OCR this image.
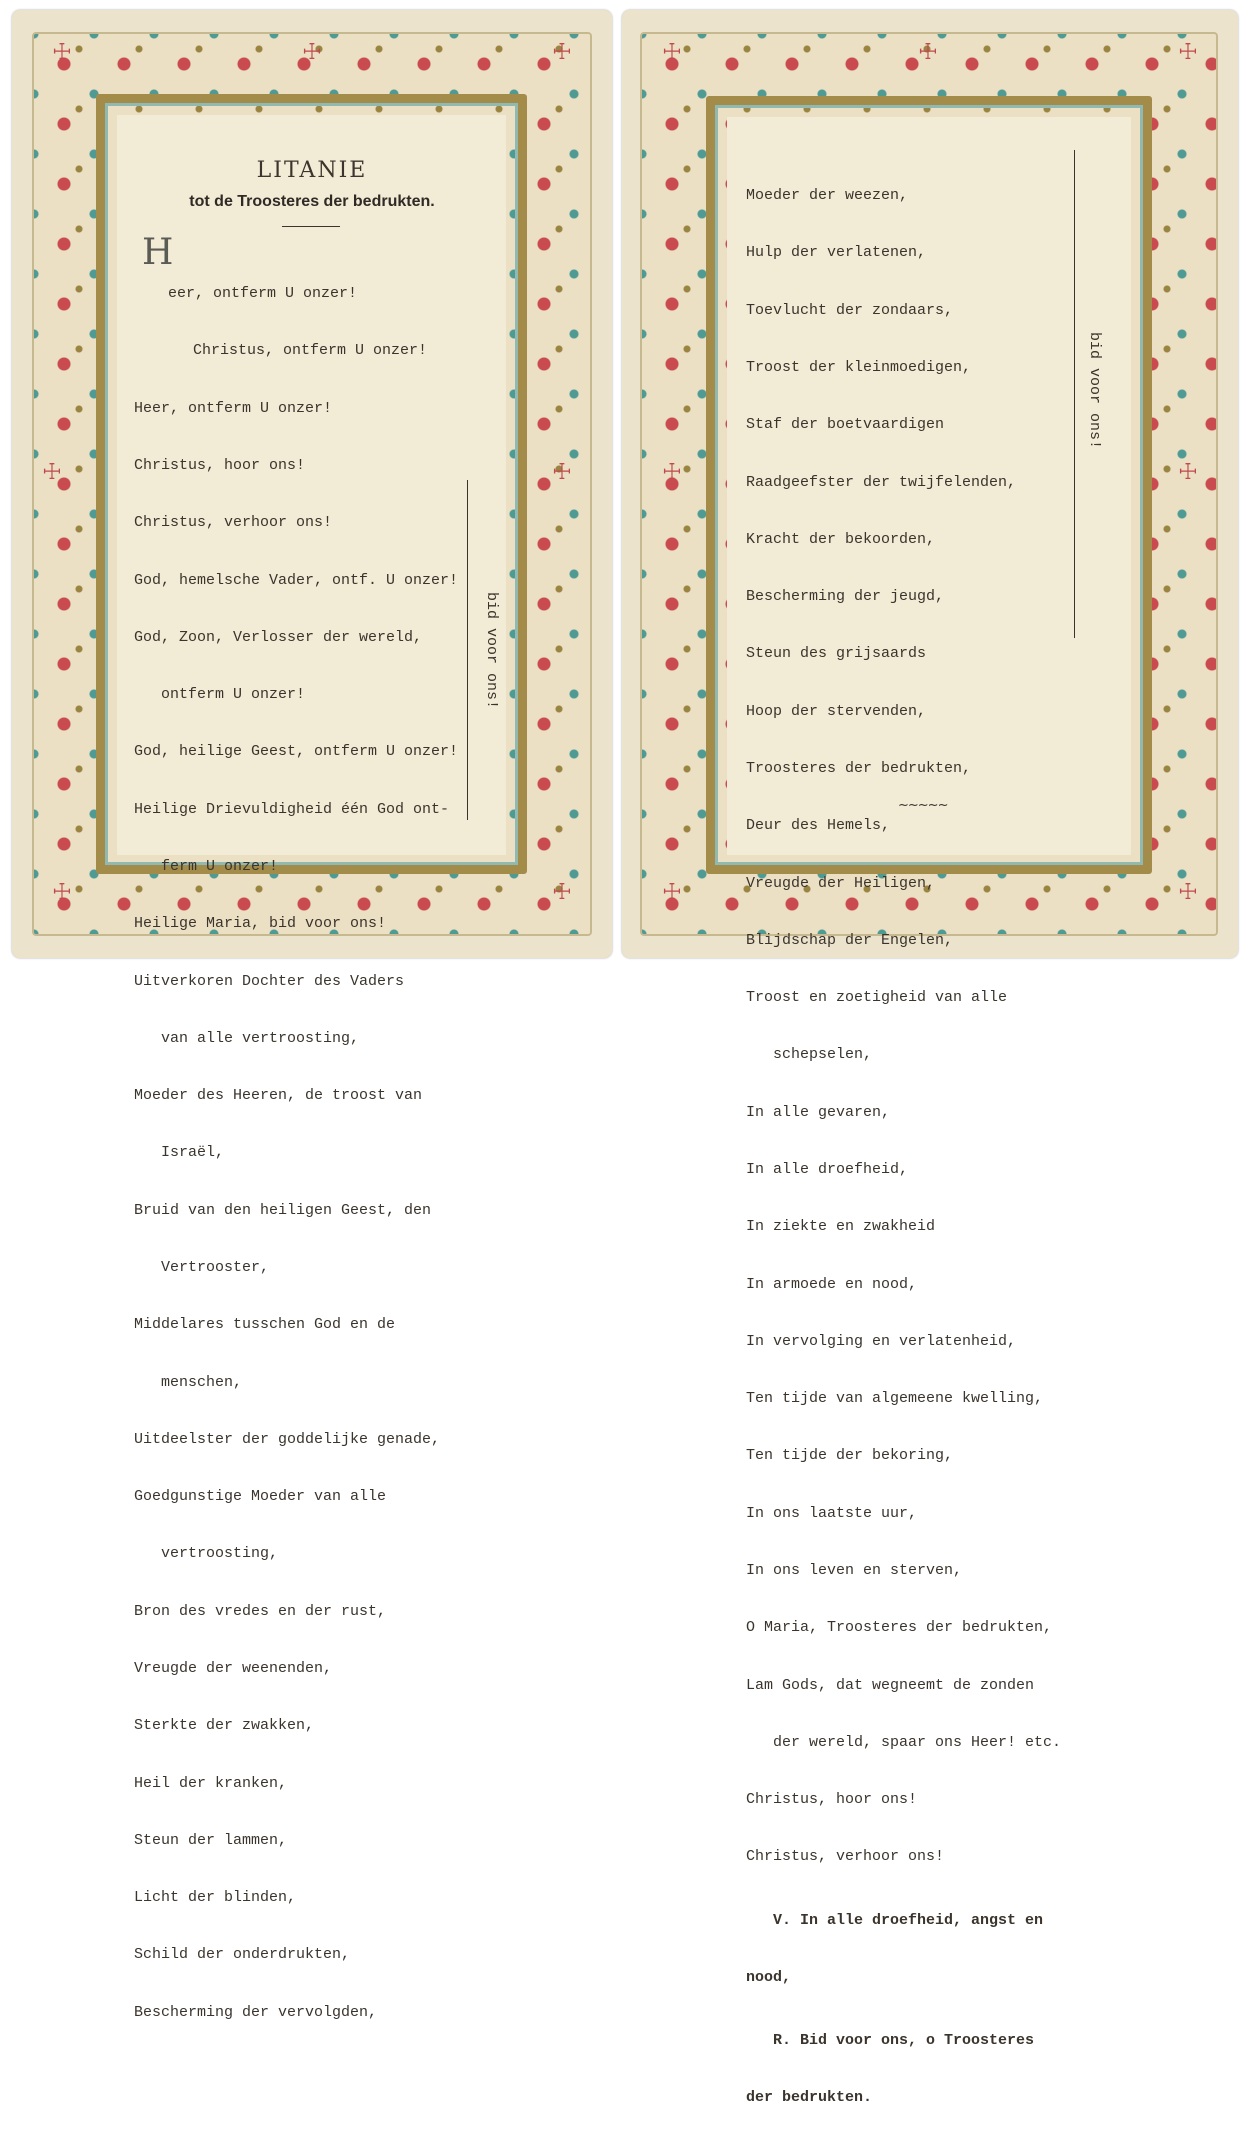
☩	☩	☩
☩	☩
☩	☩
LITANIE
tot de Troosteres der bedrukten.
H

eer, ontferm U onzer!

Christus, ontferm U onzer!

Heer, ontferm U onzer!

Christus, hoor ons!

Christus, verhoor ons!

God, hemelsche Vader, ontf. U onzer!

God, Zoon, Verlosser der wereld,

ontferm U onzer!

God, heilige Geest, ontferm U onzer!

Heilige Drievuldigheid één God ont-

ferm U onzer!

Heilige Maria, bid voor ons!

Uitverkoren Dochter des Vaders

van alle vertroosting,

Moeder des Heeren, de troost van

Israël,

Bruid van den heiligen Geest, den

Vertrooster,

Middelares tusschen God en de

menschen,

Uitdeelster der goddelijke genade,

Goedgunstige Moeder van alle

vertroosting,

Bron des vredes en der rust,

Vreugde der weenenden,

Sterkte der zwakken,

Heil der kranken,

Steun der lammen,

Licht der blinden,

Schild der onderdrukten,

Bescherming der vervolgden,

bid voor ons!
☩	☩	☩
☩	☩
☩	☩

Moeder der weezen,

Hulp der verlatenen,

Toevlucht der zondaars,

Troost der kleinmoedigen,

Staf der boetvaardigen

Raadgeefster der twijfelenden,

Kracht der bekoorden,

Bescherming der jeugd,

Steun des grijsaards

Hoop der stervenden,

Troosteres der bedrukten,

Deur des Hemels,

Vreugde der Heiligen,

Blijdschap der Engelen,

Troost en zoetigheid van alle

schepselen,

In alle gevaren,

In alle droefheid,

In ziekte en zwakheid

In armoede en nood,

In vervolging en verlatenheid,

Ten tijde van algemeene kwelling,

Ten tijde der bekoring,

In ons laatste uur,

In ons leven en sterven,

O Maria, Troosteres der bedrukten,

Lam Gods, dat wegneemt de zonden

der wereld, spaar ons Heer! etc.

Christus, hoor ons!

Christus, verhoor ons!

V. In alle droefheid, angst en

nood,

R. Bid voor ons, o Troosteres

der bedrukten.

bid voor ons!
~~~~~
